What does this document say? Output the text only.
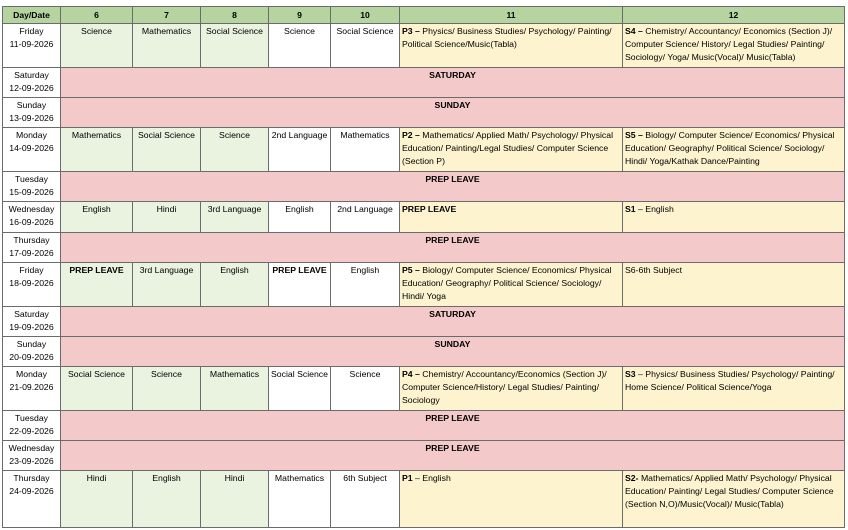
Day/Date	6	7	8	9	10	11	12

Friday
11-09-2026	Science	Mathematics	Social Science	Science	Social Science	P3 – Physics/ Business Studies/ Psychology/ Painting/ Political Science/Music(Tabla)	S4 – Chemistry/ Accountancy/ Economics (Section J)/ Computer Science/ History/ Legal Studies/ Painting/ Sociology/ Yoga/ Music(Vocal)/ Music(Tabla)

Saturday
12-09-2026	SATURDAY						

Sunday
13-09-2026	SUNDAY						

Monday
14-09-2026	Mathematics	Social Science	Science	2nd Language	Mathematics	P2 – Mathematics/ Applied Math/ Psychology/ Physical Education/ Painting/Legal Studies/ Computer Science (Section P)	S5 – Biology/ Computer Science/ Economics/ Physical Education/ Geography/ Political Science/ Sociology/ Hindi/ Yoga/Kathak Dance/Painting

Tuesday
15-09-2026	PREP LEAVE						

Wednesday
16-09-2026	English	Hindi	3rd Language	English	2nd Language	PREP LEAVE	S1 – English

Thursday
17-09-2026	PREP LEAVE						

Friday
18-09-2026	PREP LEAVE	3rd Language	English	PREP LEAVE	English	P5 – Biology/ Computer Science/ Economics/ Physical Education/ Geography/ Political Science/ Sociology/ Hindi/ Yoga	S6-6th Subject

Saturday
19-09-2026	SATURDAY						

Sunday
20-09-2026	SUNDAY						

Monday
21-09.2026	Social Science	Science	Mathematics	Social Science	Science	P4 – Chemistry/ Accountancy/Economics (Section J)/ Computer Science/History/ Legal Studies/ Painting/ Sociology	S3 – Physics/ Business Studies/ Psychology/ Painting/ Home Science/ Political Science/Yoga

Tuesday
22-09-2026	PREP LEAVE						

Wednesday
23-09-2026	PREP LEAVE						

Thursday
24-09-2026	Hindi	English	Hindi	Mathematics	6th Subject	P1 – English	S2- Mathematics/ Applied Math/ Psychology/ Physical Education/ Painting/ Legal Studies/ Computer Science (Section N,O)/Music(Vocal)/ Music(Tabla)
